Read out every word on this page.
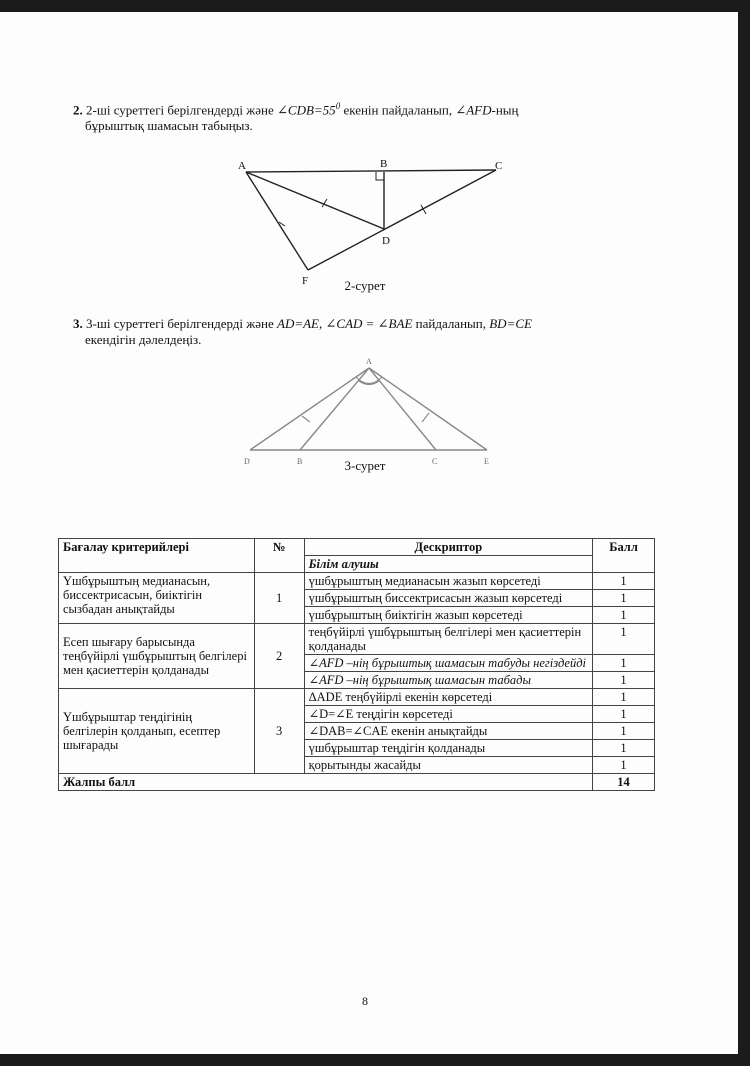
2. 2-ші суреттегі берілгендерді және $\angle CDB=55^0$ екенін пайдаланып, ∠AFD-ның
бұрыштық шамасын табыңыз.
A	B	C
D
F	2-сурет
3. 3-ші суреттегі берілгендерді және AD=AE, ∠CAD = ∠BAE пайдаланып, BD=CE
екендігін дәлелдеңіз.
A
D	B	C	E
3-сурет
Бағалау критерийлері	№	Дескриптор	Балл
		Білім алушы	
Үшбұрыштың медианасын, биссектрисасын, биіктігін сызбадан анықтайды	1	үшбұрыштың медианасын жазып көрсетеді	1
		үшбұрыштың биссектрисасын жазып көрсетеді	1
		үшбұрыштың биіктігін жазып көрсетеді	1
Есеп шығару барысында теңбүйірлі үшбұрыштың белгілері мен қасиеттерін қолданады	2	теңбүйірлі үшбұрыштың белгілері мен қасиеттерін қолданады	1
		∠AFD –нің бұрыштық шамасын табуды негіздейді	1
		∠AFD –нің бұрыштық шамасын табады	1
Үшбұрыштар теңдігінің белгілерін қолданып, есептер шығарады	3	ΔADE теңбүйірлі екенін көрсетеді	1
		∠D=∠E теңдігін көрсетеді	1
		∠DAB=∠CAE екенін анықтайды	1
		үшбұрыштар теңдігін қолданады	1
		қорытынды жасайды	1
Жалпы балл			14
8
